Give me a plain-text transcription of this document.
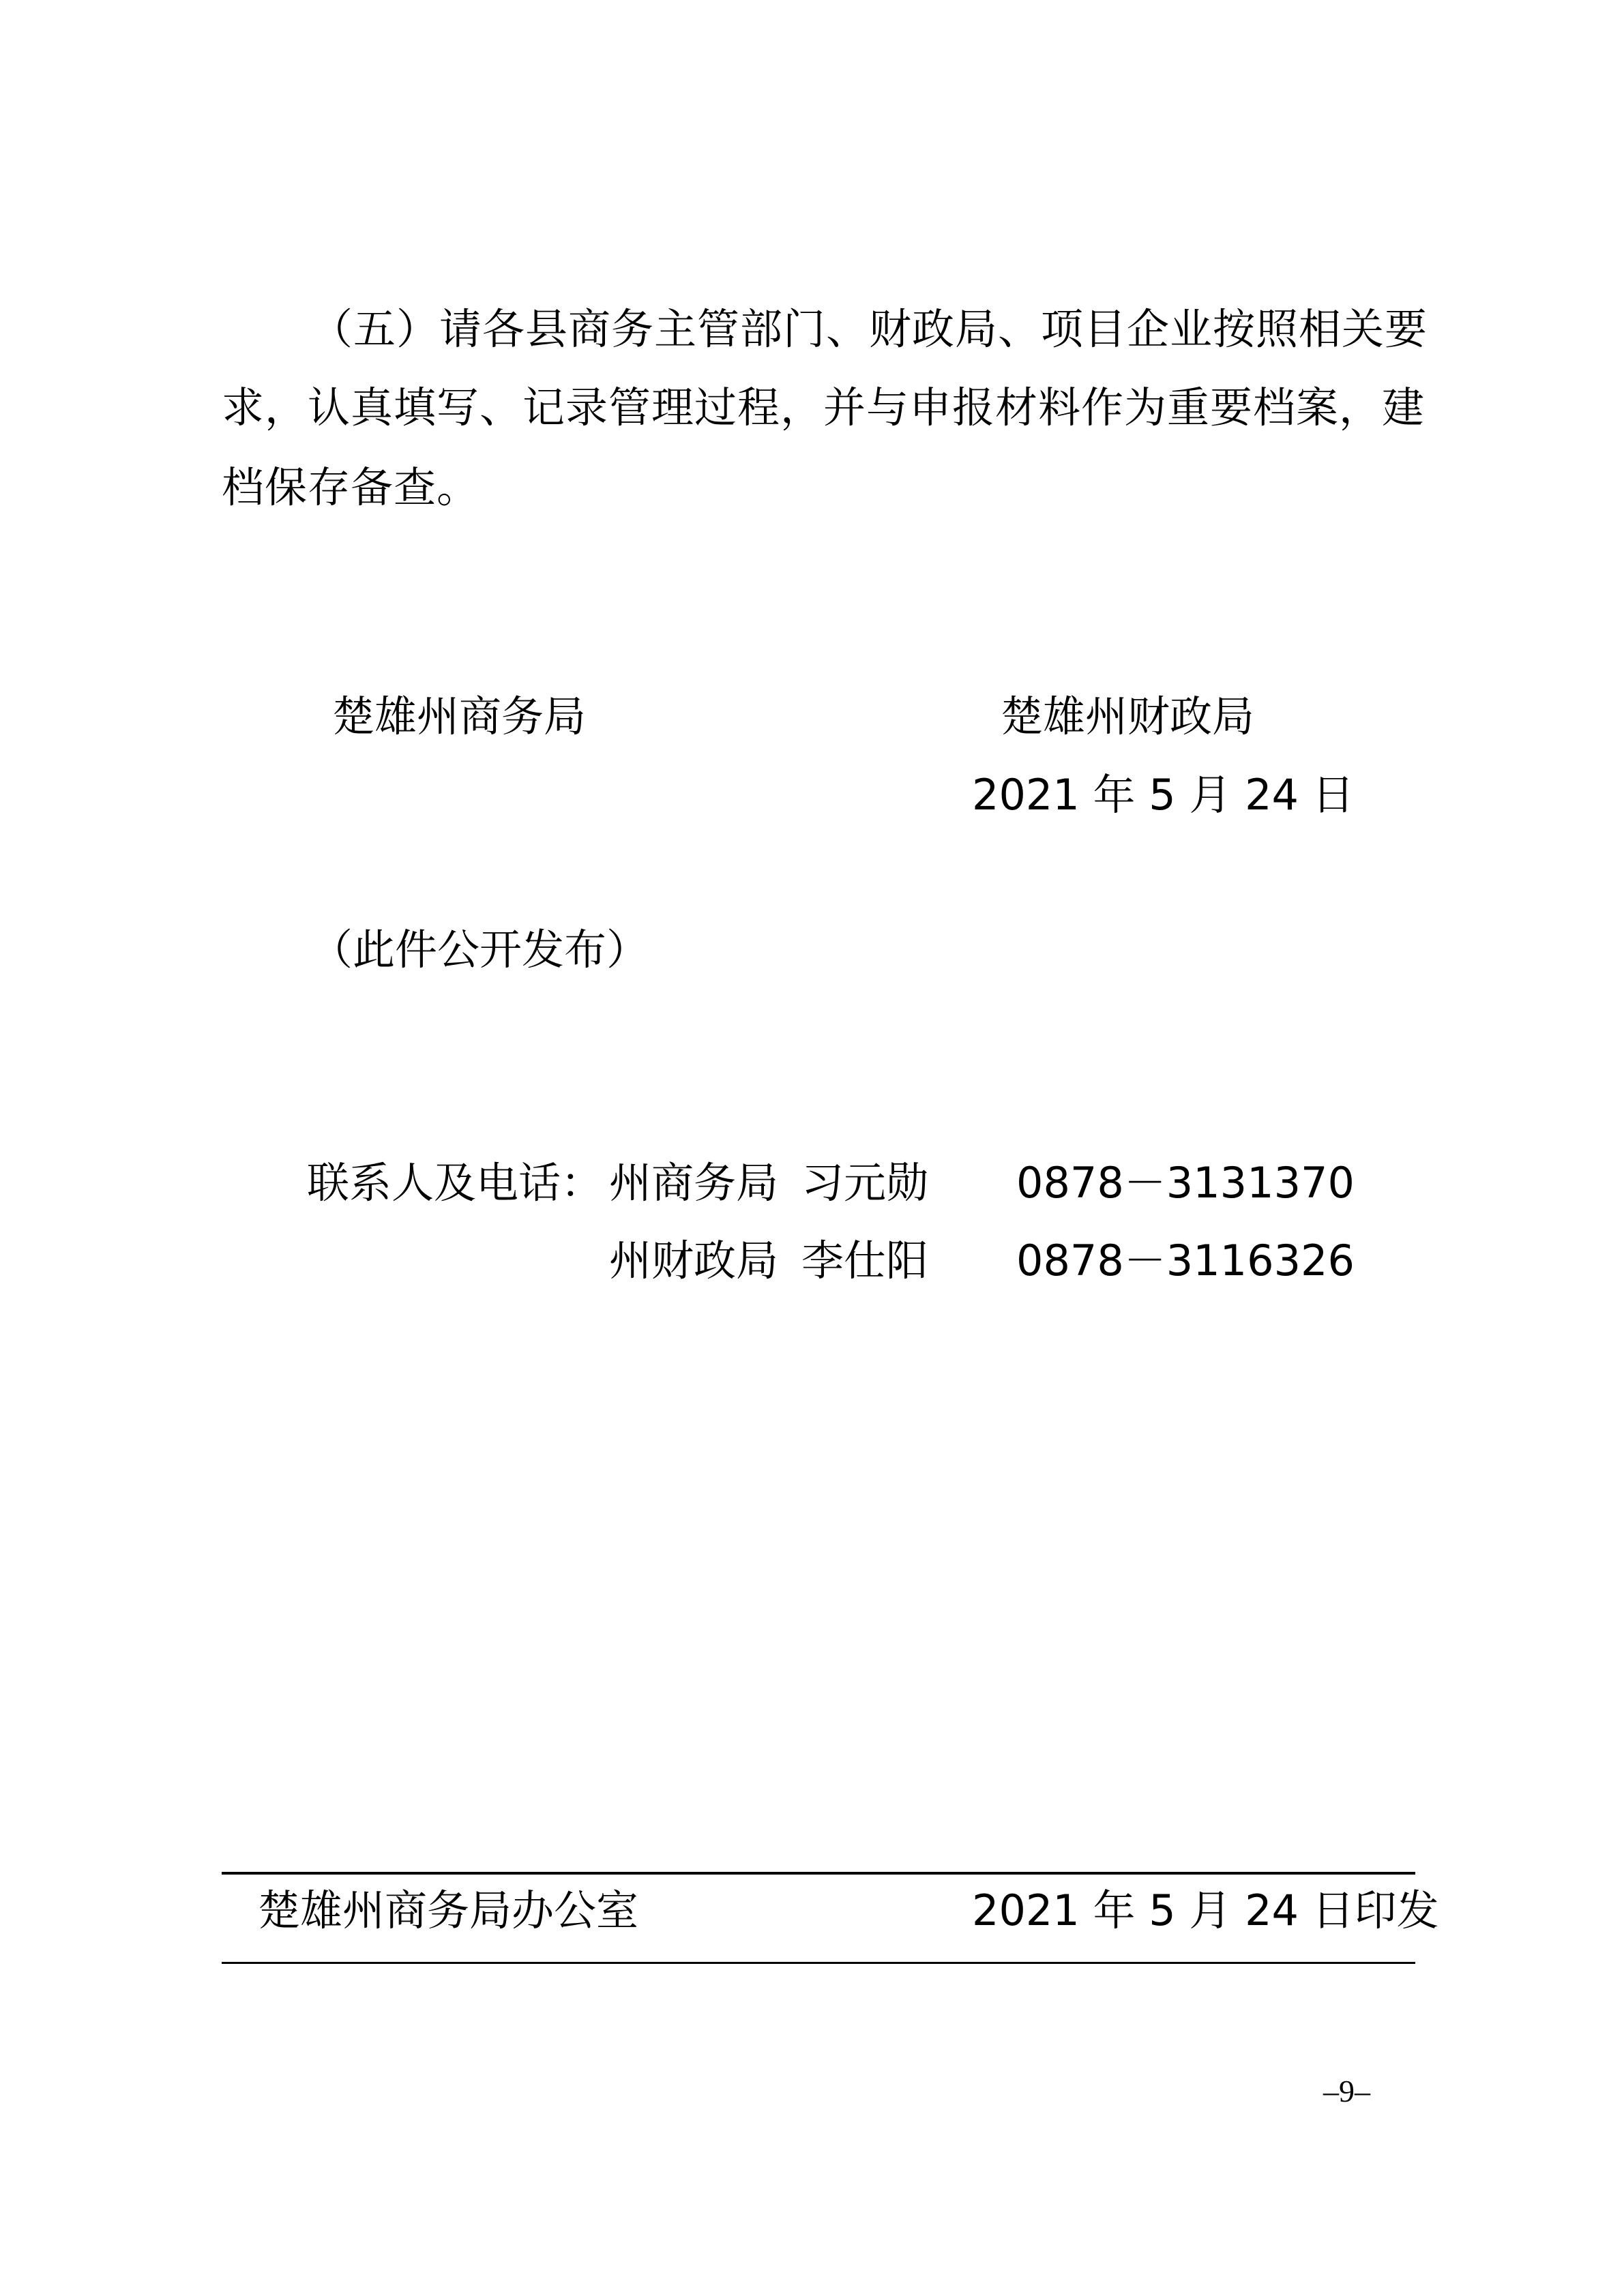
（五）请各县商务主管部门、财政局、项目企业按照相关要
求，认真填写、记录管理过程，并与申报材料作为重要档案，建
档保存备查。
楚雄州商务局	楚雄州财政局
2021 年 5 月 24 日
（此件公开发布）
联系人及电话： 州商务局 习元勋 0878－3131370
州财政局 李仕阳 0878－3116326
楚雄州商务局办公室	2021 年 5 月 24 日印发
–9–
